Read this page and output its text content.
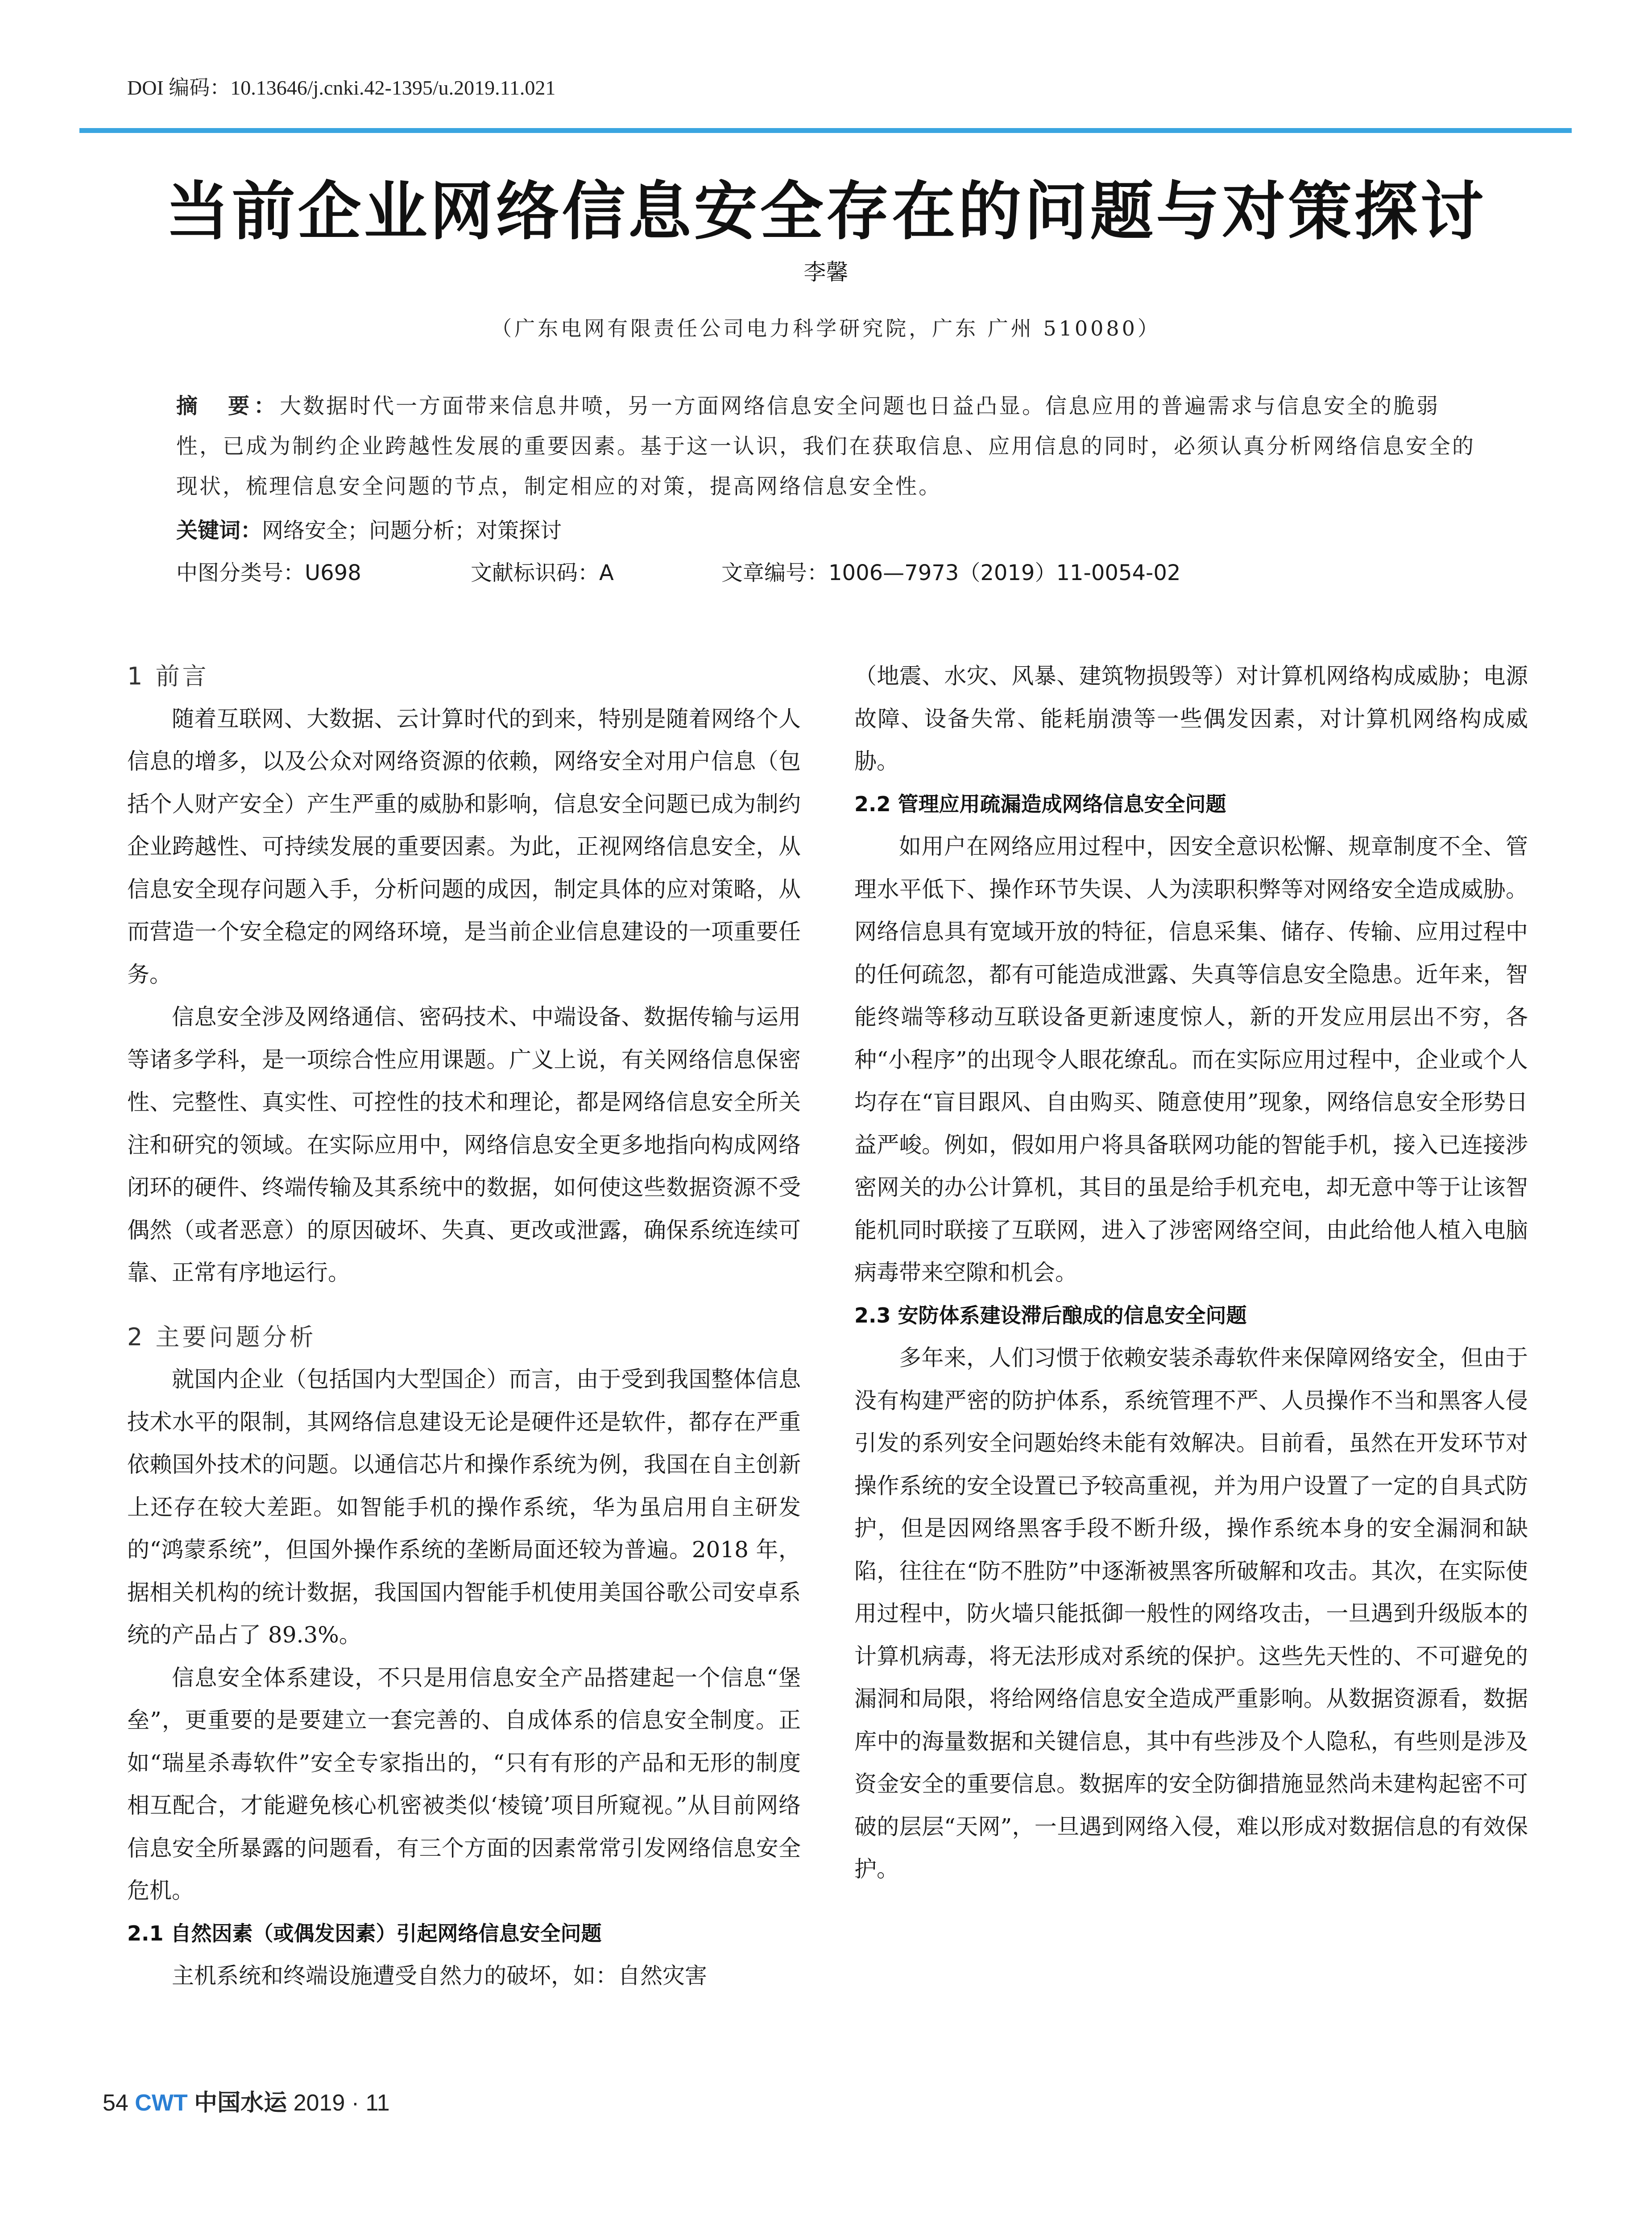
DOI 编码：10.13646/j.cnki.42-1395/u.2019.11.021
当前企业网络信息安全存在的问题与对策探讨
李馨
（广东电网有限责任公司电力科学研究院，广东 广州 510080）
摘　要：大数据时代一方面带来信息井喷，另一方面网络信息安全问题也日益凸显。信息应用的普遍需求与信息安全的脆弱性，已成为制约企业跨越性发展的重要因素。基于这一认识，我们在获取信息、应用信息的同时，必须认真分析网络信息安全的现状，梳理信息安全问题的节点，制定相应的对策，提高网络信息安全性。
关键词：网络安全；问题分析；对策探讨
中图分类号：U698	文献标识码：A	文章编号：1006—7973（2019）11-0054-02
1 前言

随着互联网、大数据、云计算时代的到来，特别是随着网络个人信息的增多，以及公众对网络资源的依赖，网络安全对用户信息（包括个人财产安全）产生严重的威胁和影响，信息安全问题已成为制约企业跨越性、可持续发展的重要因素。为此，正视网络信息安全，从信息安全现存问题入手，分析问题的成因，制定具体的应对策略，从而营造一个安全稳定的网络环境，是当前企业信息建设的一项重要任务。

信息安全涉及网络通信、密码技术、中端设备、数据传输与运用等诸多学科，是一项综合性应用课题。广义上说，有关网络信息保密性、完整性、真实性、可控性的技术和理论，都是网络信息安全所关注和研究的领域。在实际应用中，网络信息安全更多地指向构成网络闭环的硬件、终端传输及其系统中的数据，如何使这些数据资源不受偶然（或者恶意）的原因破坏、失真、更改或泄露，确保系统连续可靠、正常有序地运行。

2 主要问题分析

就国内企业（包括国内大型国企）而言，由于受到我国整体信息技术水平的限制，其网络信息建设无论是硬件还是软件，都存在严重依赖国外技术的问题。以通信芯片和操作系统为例，我国在自主创新上还存在较大差距。如智能手机的操作系统，华为虽启用自主研发的“鸿蒙系统”，但国外操作系统的垄断局面还较为普遍。2018 年，据相关机构的统计数据，我国国内智能手机使用美国谷歌公司安卓系统的产品占了 89.3%。

信息安全体系建设，不只是用信息安全产品搭建起一个信息“堡垒”，更重要的是要建立一套完善的、自成体系的信息安全制度。正如“瑞星杀毒软件”安全专家指出的，“只有有形的产品和无形的制度相互配合，才能避免核心机密被类似‘棱镜’项目所窥视。”从目前网络信息安全所暴露的问题看，有三个方面的因素常常引发网络信息安全危机。

2.1 自然因素（或偶发因素）引起网络信息安全问题

主机系统和终端设施遭受自然力的破坏，如：自然灾害

（地震、水灾、风暴、建筑物损毁等）对计算机网络构成威胁；电源故障、设备失常、能耗崩溃等一些偶发因素，对计算机网络构成威胁。

2.2 管理应用疏漏造成网络信息安全问题

如用户在网络应用过程中，因安全意识松懈、规章制度不全、管理水平低下、操作环节失误、人为渎职积弊等对网络安全造成威胁。网络信息具有宽域开放的特征，信息采集、储存、传输、应用过程中的任何疏忽，都有可能造成泄露、失真等信息安全隐患。近年来，智能终端等移动互联设备更新速度惊人，新的开发应用层出不穷，各种“小程序”的出现令人眼花缭乱。而在实际应用过程中，企业或个人均存在“盲目跟风、自由购买、随意使用”现象，网络信息安全形势日益严峻。例如，假如用户将具备联网功能的智能手机，接入已连接涉密网关的办公计算机，其目的虽是给手机充电，却无意中等于让该智能机同时联接了互联网，进入了涉密网络空间，由此给他人植入电脑病毒带来空隙和机会。

2.3 安防体系建设滞后酿成的信息安全问题

多年来，人们习惯于依赖安装杀毒软件来保障网络安全，但由于没有构建严密的防护体系，系统管理不严、人员操作不当和黑客人侵引发的系列安全问题始终未能有效解决。目前看，虽然在开发环节对操作系统的安全设置已予较高重视，并为用户设置了一定的自具式防护，但是因网络黑客手段不断升级，操作系统本身的安全漏洞和缺陷，往往在“防不胜防”中逐渐被黑客所破解和攻击。其次，在实际使用过程中，防火墙只能抵御一般性的网络攻击，一旦遇到升级版本的计算机病毒，将无法形成对系统的保护。这些先天性的、不可避免的漏洞和局限，将给网络信息安全造成严重影响。从数据资源看，数据库中的海量数据和关键信息，其中有些涉及个人隐私，有些则是涉及资金安全的重要信息。数据库的安全防御措施显然尚未建构起密不可破的层层“天网”，一旦遇到网络入侵，难以形成对数据信息的有效保护。

54 CWT 中国水运 2019 · 11
